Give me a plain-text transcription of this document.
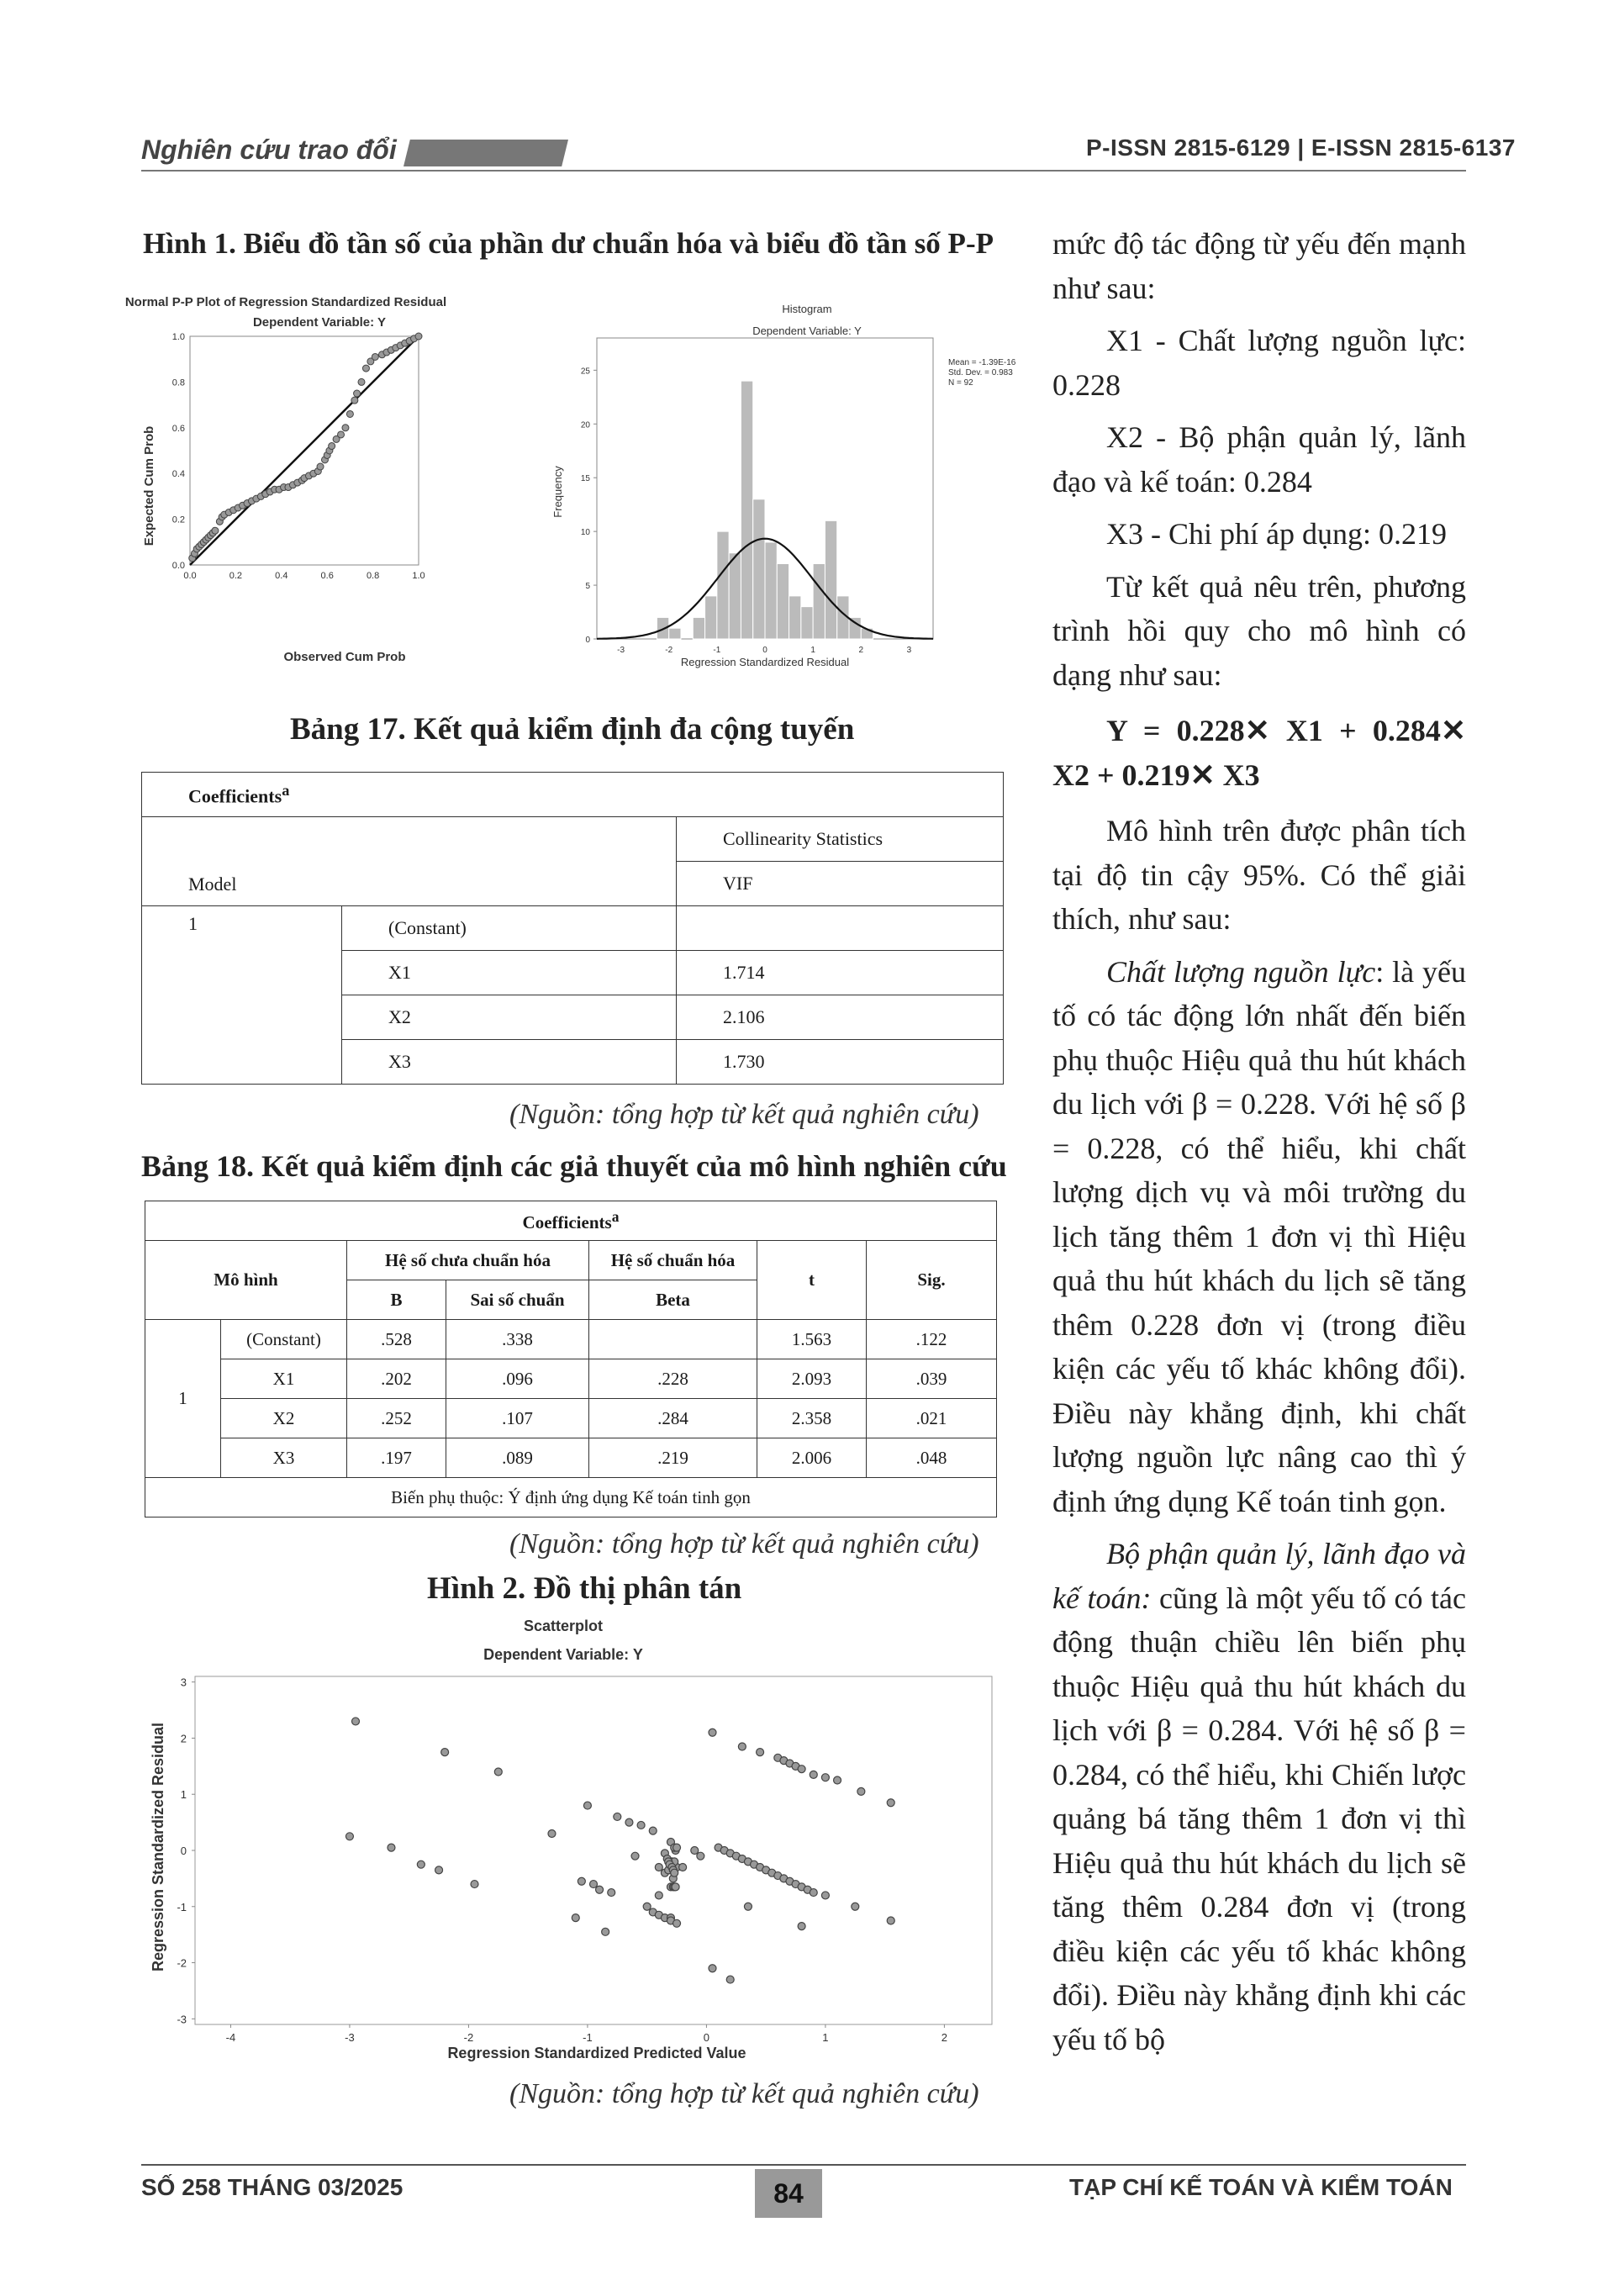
Nghiên cứu trao đổi	P-ISSN 2815-6129 | E-ISSN 2815-6137
Hình 1. Biểu đồ tần số của phần dư chuẩn hóa và biểu đồ tần số P-P
Normal P-P Plot of Regression Standardized Residual
Dependent Variable: Y
Observed Cum Prob
Expected Cum Prob
0.0
0.0
0.2
0.2
0.4
0.4
0.6
0.6
0.8
0.8
1.0
1.0
Histogram
Dependent Variable: Y
Mean = -1.39E-16
Std. Dev. = 0.983
N = 92
Regression Standardized Residual
Frequency
0
5
10
15
20
25
-3	-2	-1	0	1	2	3
Bảng 17. Kết quả kiểm định đa cộng tuyến
Coefficients$^a$
Model		Collinearity Statistics
		VIF
1	(Constant)	
	X1	1.714
	X2	2.106
	X3	1.730
(Nguồn: tổng hợp từ kết quả nghiên cứu)
Bảng 18. Kết quả kiểm định các giả thuyết của mô hình nghiên cứu
Coefficients$^a$
Mô hình		Hệ số chưa chuẩn hóa		Hệ số chuẩn hóa	t	Sig.
		B	Sai số chuẩn	Beta		
1	(Constant)	.528	.338		1.563	.122
	X1	.202	.096	.228	2.093	.039
	X2	.252	.107	.284	2.358	.021
	X3	.197	.089	.219	2.006	.048
Biến phụ thuộc: Ý định ứng dụng Kế toán tinh gọn						
(Nguồn: tổng hợp từ kết quả nghiên cứu)
Hình 2. Đồ thị phân tán
Scatterplot
Dependent Variable: Y
Regression Standardized Predicted Value
Regression Standardized Residual
3
2
1
0
-1
-2
-3
-4	-3	-2	-1	0	1	2
(Nguồn: tổng hợp từ kết quả nghiên cứu)

mức độ tác động từ yếu đến mạnh như sau:

X1 - Chất lượng nguồn lực: 0.228

X2 - Bộ phận quản lý, lãnh đạo và kế toán: 0.284

X3 - Chi phí áp dụng: 0.219

Từ kết quả nêu trên, phương trình hồi quy cho mô hình có dạng như sau:

Y = 0.228✕ X1 + 0.284✕ X2 + 0.219✕ X3

Mô hình trên được phân tích tại độ tin cậy 95%. Có thể giải thích, như sau:

Chất lượng nguồn lực: là yếu tố có tác động lớn nhất đến biến phụ thuộc Hiệu quả thu hút khách du lịch với β = 0.228. Với hệ số β = 0.228, có thể hiểu, khi chất lượng dịch vụ và môi trường du lịch tăng thêm 1 đơn vị thì Hiệu quả thu hút khách du lịch sẽ tăng thêm 0.228 đơn vị (trong điều kiện các yếu tố khác không đổi). Điều này khẳng định, khi chất lượng nguồn lực nâng cao thì ý định ứng dụng Kế toán tinh gọn.

Bộ phận quản lý, lãnh đạo và kế toán: cũng là một yếu tố có tác động thuận chiều lên biến phụ thuộc Hiệu quả thu hút khách du lịch với β = 0.284. Với hệ số β = 0.284, có thể hiểu, khi Chiến lược quảng bá tăng thêm 1 đơn vị thì Hiệu quả thu hút khách du lịch sẽ tăng thêm 0.284 đơn vị (trong điều kiện các yếu tố khác không đổi). Điều này khẳng định khi các yếu tố bộ

SỐ 258 THÁNG 03/2025	84	TẠP CHÍ KẾ TOÁN VÀ KIỂM TOÁN
